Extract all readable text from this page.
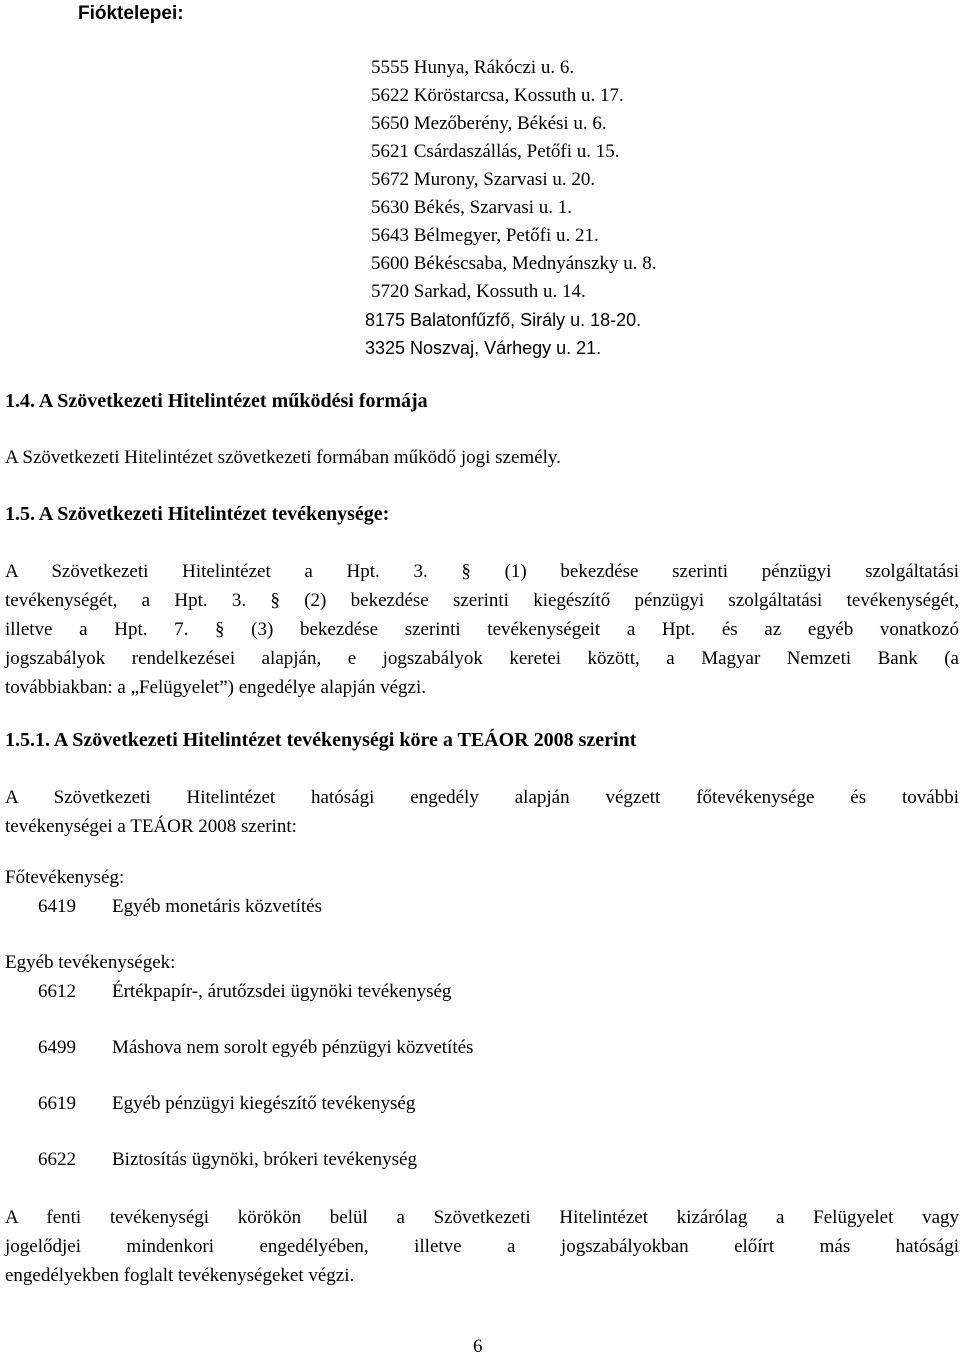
Fióktelepei:
5555 Hunya, Rákóczi u. 6.
5622 Köröstarcsa, Kossuth u. 17.
5650 Mezőberény, Békési u. 6.
5621 Csárdaszállás, Petőfi u. 15.
5672 Murony, Szarvasi u. 20.
5630 Békés, Szarvasi u. 1.
5643 Bélmegyer, Petőfi u. 21.
5600 Békéscsaba, Mednyánszky u. 8.
5720 Sarkad, Kossuth u. 14.
8175 Balatonfűzfő, Sirály u. 18-20.
3325 Noszvaj, Várhegy u. 21.
1.4. A Szövetkezeti Hitelintézet működési formája
A Szövetkezeti Hitelintézet szövetkezeti formában működő jogi személy.
1.5. A Szövetkezeti Hitelintézet tevékenysége:
A Szövetkezeti Hitelintézet a Hpt. 3. § (1) bekezdése szerinti pénzügyi szolgáltatási
tevékenységét, a Hpt. 3. § (2) bekezdése szerinti kiegészítő pénzügyi szolgáltatási tevékenységét,
illetve a Hpt. 7. § (3) bekezdése szerinti tevékenységeit a Hpt. és az egyéb vonatkozó
jogszabályok rendelkezései alapján, e jogszabályok keretei között, a Magyar Nemzeti Bank (a
továbbiakban: a „Felügyelet”) engedélye alapján végzi.
1.5.1. A Szövetkezeti Hitelintézet tevékenységi köre a TEÁOR 2008 szerint
A Szövetkezeti Hitelintézet hatósági engedély alapján végzett főtevékenysége és további
tevékenységei a TEÁOR 2008 szerint:
Főtevékenység:
6419 Egyéb monetáris közvetítés
Egyéb tevékenységek:
6612 Értékpapír-, árutőzsdei ügynöki tevékenység
6499 Máshova nem sorolt egyéb pénzügyi közvetítés
6619 Egyéb pénzügyi kiegészítő tevékenység
6622 Biztosítás ügynöki, brókeri tevékenység
A fenti tevékenységi körökön belül a Szövetkezeti Hitelintézet kizárólag a Felügyelet vagy
jogelődjei mindenkori engedélyében, illetve a jogszabályokban előírt más hatósági
engedélyekben foglalt tevékenységeket végzi.
6
